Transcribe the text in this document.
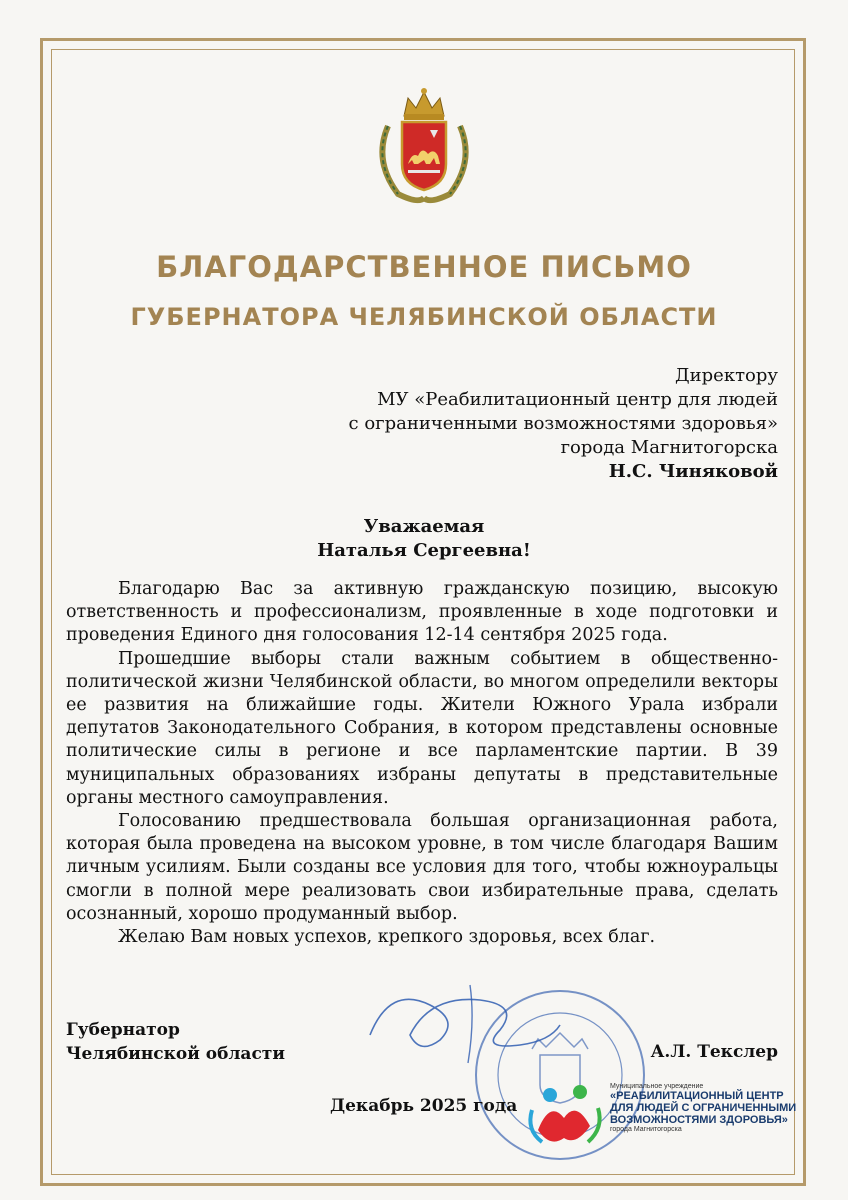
БЛАГОДАРСТВЕННОЕ ПИСЬМО
ГУБЕРНАТОРА ЧЕЛЯБИНСКОЙ ОБЛАСТИ
Директору
МУ «Реабилитационный центр для людей
с ограниченными возможностями здоровья»
города Магнитогорска
Н.С. Чиняковой
Уважаемая
Наталья Сергеевна!

Благодарю Вас за активную гражданскую позицию, высокую ответственность и профессионализм, проявленные в ходе подготовки и проведения Единого дня голосования 12-14 сентября 2025 года.

Прошедшие выборы стали важным событием в общественно-политической жизни Челябинской области, во многом определили векторы ее развития на ближайшие годы. Жители Южного Урала избрали депутатов Законодательного Собрания, в котором представлены основные политические силы в регионе и все парламентские партии. В 39 муниципальных образованиях избраны депутаты в представительные органы местного самоуправления.

Голосованию предшествовала большая организационная работа, которая была проведена на высоком уровне, в том числе благодаря Вашим личным усилиям. Были созданы все условия для того, чтобы южноуральцы смогли в полной мере реализовать свои избирательные права, сделать осознанный, хорошо продуманный выбор.

Желаю Вам новых успехов, крепкого здоровья, всех благ.

Губернатор
Челябинской области	А.Л. Текслер
Декабрь 2025 года
Муниципальное учреждение
«РЕАБИЛИТАЦИОННЫЙ ЦЕНТР
ДЛЯ ЛЮДЕЙ С ОГРАНИЧЕННЫМИ
ВОЗМОЖНОСТЯМИ ЗДОРОВЬЯ»
города Магнитогорска
